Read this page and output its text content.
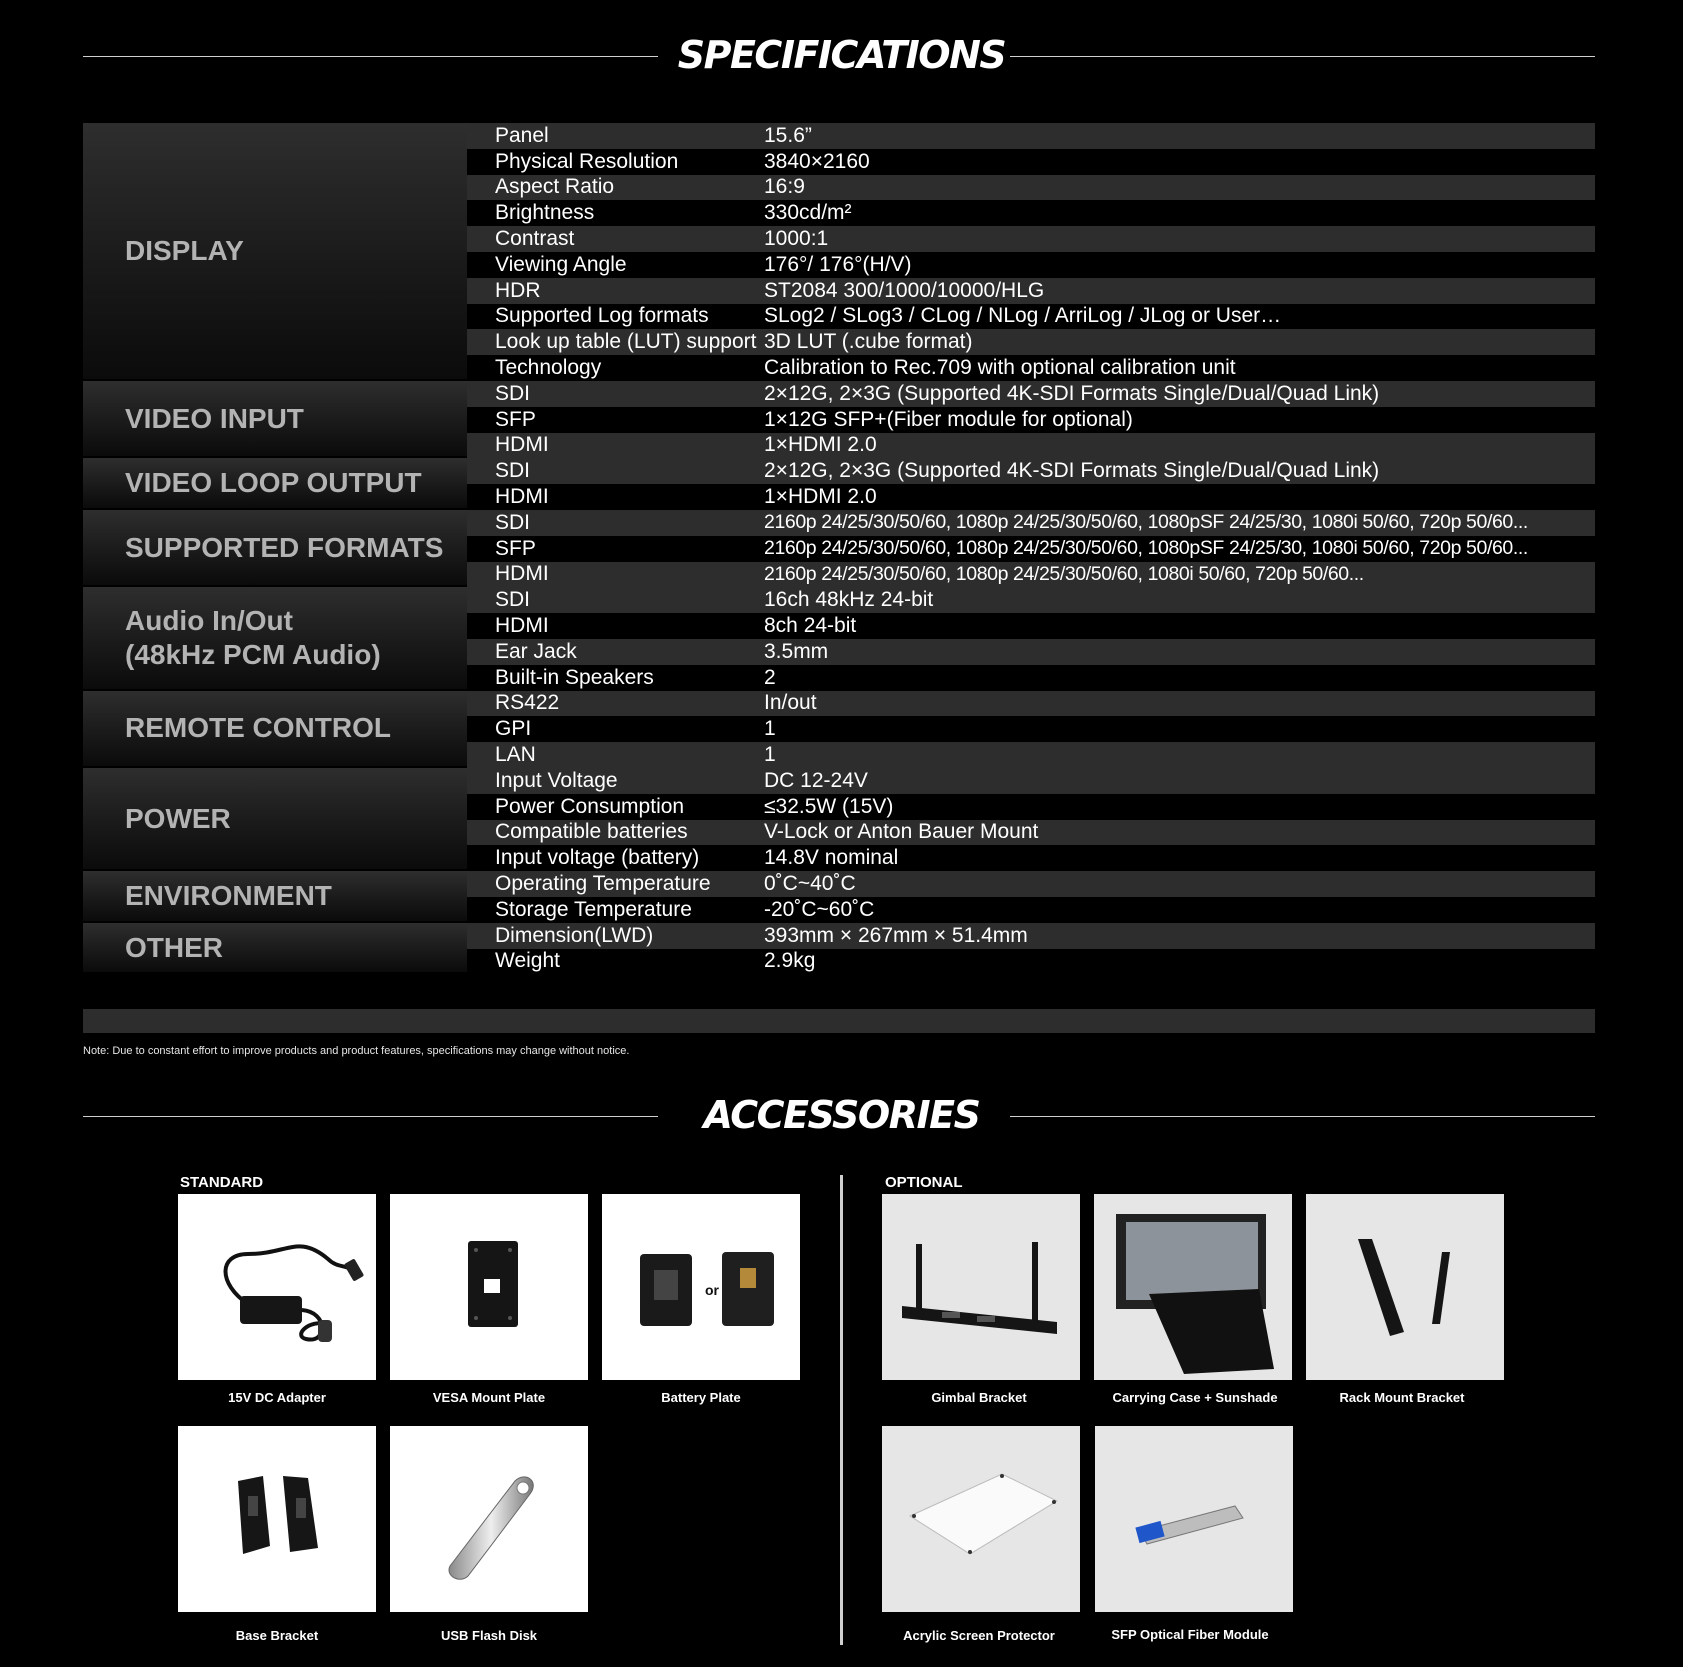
SPECIFICATIONS
DISPLAY
Panel	15.6”
Physical Resolution	3840×2160
Aspect Ratio	16:9
Brightness	330cd/m²
Contrast	1000:1
Viewing Angle	176°/ 176°(H/V)
HDR	ST2084 300/1000/10000/HLG
Supported Log formats	SLog2 / SLog3 / CLog / NLog / ArriLog / JLog or User…
Look up table (LUT) support 3D LUT (.cube format)
Technology	Calibration to Rec.709 with optional calibration unit
VIDEO INPUT
SDI	2×12G, 2×3G (Supported 4K-SDI Formats Single/Dual/Quad Link)
SFP	1×12G SFP+(Fiber module for optional)
HDMI	1×HDMI 2.0
VIDEO LOOP OUTPUT	SDI	2×12G, 2×3G (Supported 4K-SDI Formats Single/Dual/Quad Link)
HDMI	1×HDMI 2.0
SUPPORTED FORMATS
SDI	2160p 24/25/30/50/60, 1080p 24/25/30/50/60, 1080pSF 24/25/30, 1080i 50/60, 720p 50/60...
SFP	2160p 24/25/30/50/60, 1080p 24/25/30/50/60, 1080pSF 24/25/30, 1080i 50/60, 720p 50/60...
HDMI	2160p 24/25/30/50/60, 1080p 24/25/30/50/60, 1080i 50/60, 720p 50/60...
Audio In/Out
(48kHz PCM Audio)
SDI	16ch 48kHz 24-bit
HDMI	8ch 24-bit
Ear Jack	3.5mm
Built-in Speakers	2
REMOTE CONTROL
RS422	In/out
GPI	1
LAN	1
POWER
Input Voltage	DC 12-24V
Power Consumption	≤32.5W (15V)
Compatible batteries	V-Lock or Anton Bauer Mount
Input voltage (battery)	14.8V nominal
ENVIRONMENT	Operating Temperature	0˚C~40˚C
Storage Temperature	-20˚C~60˚C
OTHER	Dimension(LWD)	393mm × 267mm × 51.4mm
Weight	2.9kg
Note: Due to constant effort to improve products and product features, specifications may change without notice.
ACCESSORIES
STANDARD	OPTIONAL
15V DC Adapter	VESA Mount Plate
or
Battery Plate
Base Bracket	USB Flash Disk
Gimbal Bracket	Carrying Case + Sunshade	Rack Mount Bracket
Acrylic Screen Protector	SFP Optical Fiber Module
